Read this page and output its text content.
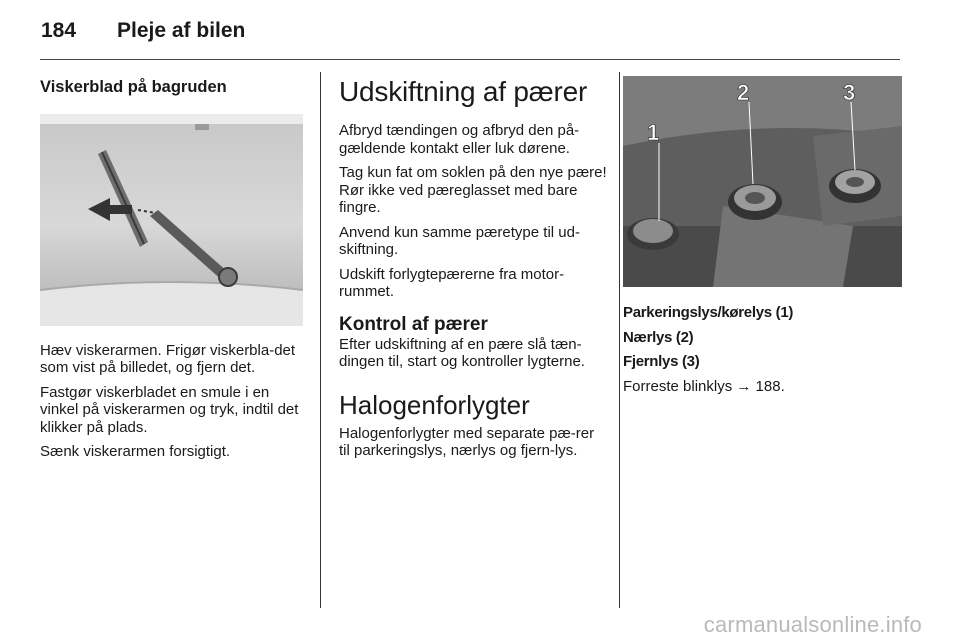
184 Pleje af bilen
Viskerblad på bagruden

Hæv viskerarmen. Frigør viskerbla-det som vist på billedet, og fjern det.

Fastgør viskerbladet en smule i en vinkel på viskerarmen og tryk, indtil det klikker på plads.

Sænk viskerarmen forsigtigt.

Udskiftning af pærer

Afbryd tændingen og afbryd den på-gældende kontakt eller luk dørene.

Tag kun fat om soklen på den nye pære! Rør ikke ved pæreglasset med bare fingre.

Anvend kun samme pæretype til ud-skiftning.

Udskift forlygtepærerne fra motor-rummet.

Kontrol af pærer

Efter udskiftning af en pære slå tæn-dingen til, start og kontroller lygterne.

Halogenforlygter

Halogenforlygter med separate pæ-rer til parkeringslys, nærlys og fjern-lys.

1
2	3

Parkeringslys/kørelys (1)

Nærlys (2)

Fjernlys (3)

Forreste blinklys → 188.

carmanualsonline.info
